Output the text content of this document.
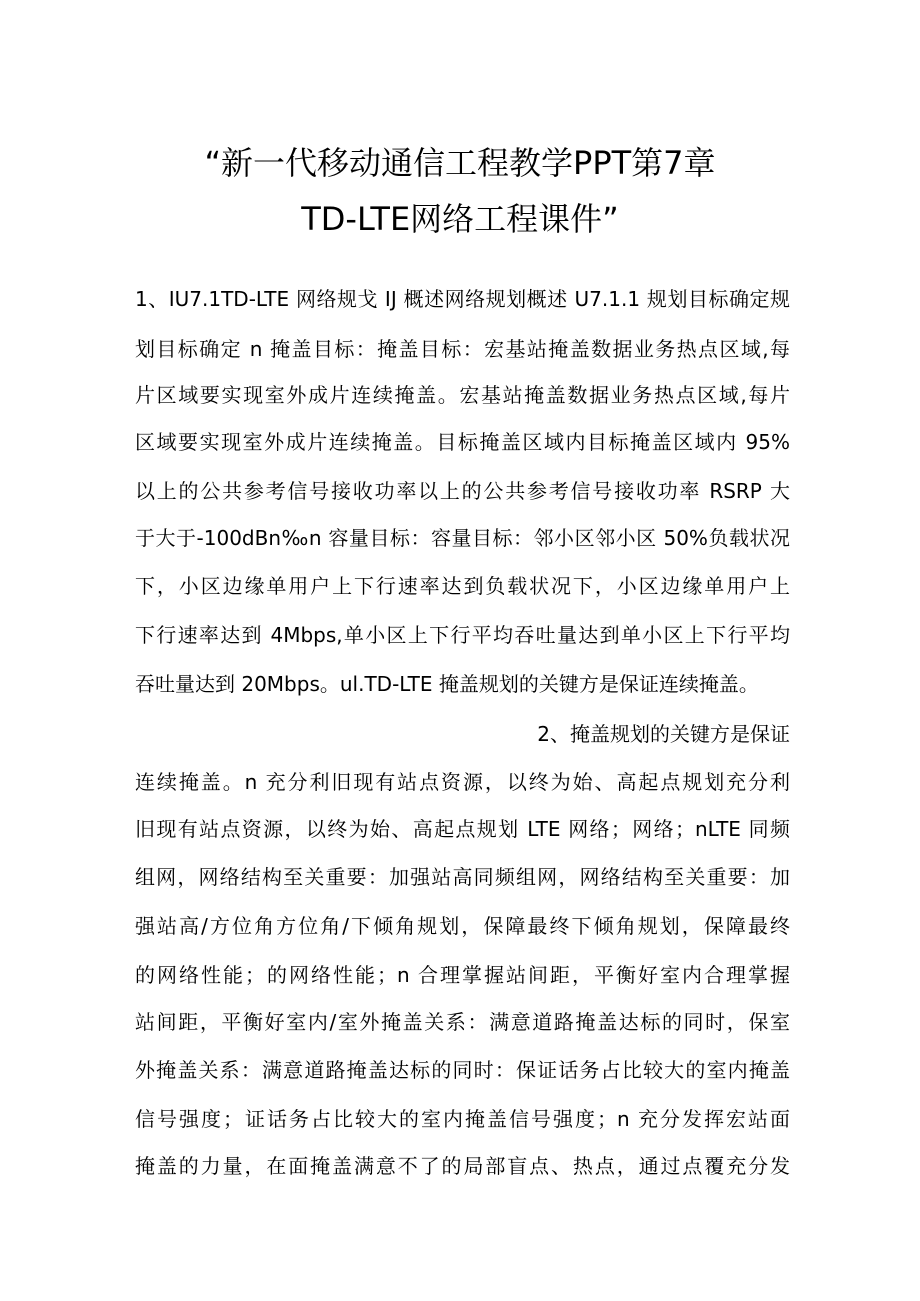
“新一代移动通信工程教学PPT第7章
TD-LTE网络工程课件”
1、IU7.1TD-LTE 网络规戈 IJ 概述网络规划概述 U7.1.1 规划目标确定规
划目标确定 n 掩盖目标：掩盖目标：宏基站掩盖数据业务热点区域,每
片区域要实现室外成片连续掩盖。宏基站掩盖数据业务热点区域,每片
区域要实现室外成片连续掩盖。目标掩盖区域内目标掩盖区域内 95%
以上的公共参考信号接收功率以上的公共参考信号接收功率 RSRP 大
于大于-100dBn‰n 容量目标：容量目标：邻小区邻小区 50%负载状况
下，小区边缘单用户上下行速率达到负载状况下，小区边缘单用户上
下行速率达到 4Mbps,单小区上下行平均吞吐量达到单小区上下行平均
吞吐量达到 20Mbps。ul.TD-LTE 掩盖规划的关键方是保证连续掩盖。
2、掩盖规划的关键方是保证
连续掩盖。n 充分利旧现有站点资源，以终为始、高起点规划充分利
旧现有站点资源，以终为始、高起点规划 LTE 网络；网络；nLTE 同频
组网，网络结构至关重要：加强站高同频组网，网络结构至关重要：加
强站高/方位角方位角/下倾角规划，保障最终下倾角规划，保障最终
的网络性能；的网络性能；n 合理掌握站间距，平衡好室内合理掌握
站间距，平衡好室内/室外掩盖关系：满意道路掩盖达标的同时，保室
外掩盖关系：满意道路掩盖达标的同时：保证话务占比较大的室内掩盖
信号强度；证话务占比较大的室内掩盖信号强度；n 充分发挥宏站面
掩盖的力量，在面掩盖满意不了的局部盲点、热点，通过点覆充分发
